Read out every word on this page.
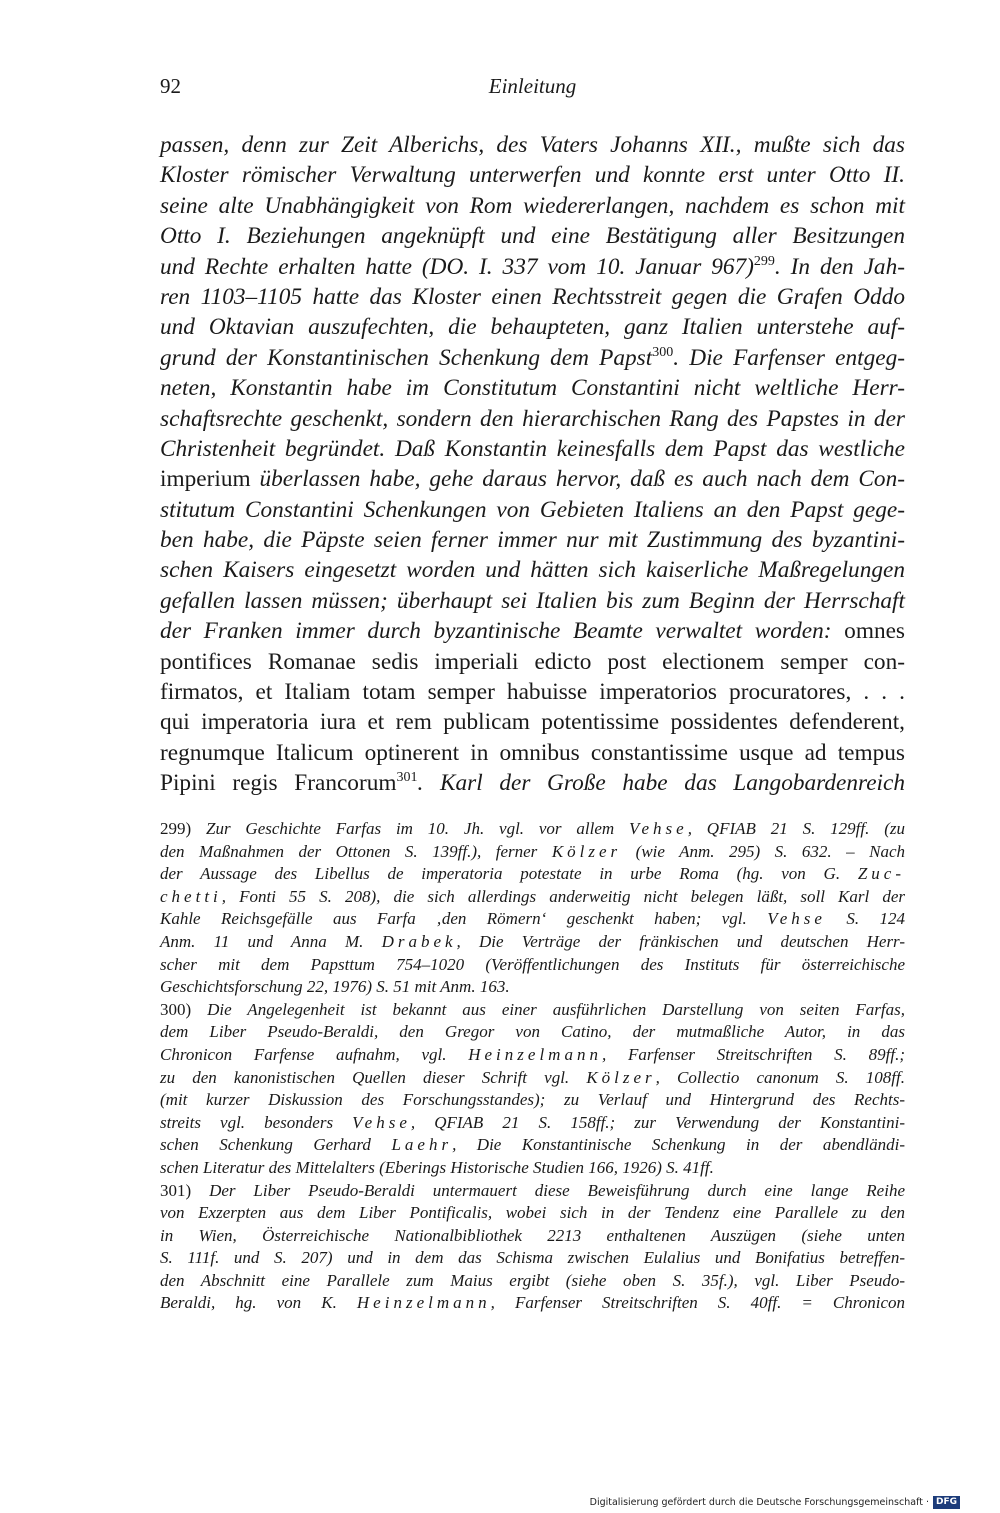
92	Einleitung
passen, denn zur Zeit Alberichs, des Vaters Johanns XII., mußte sich das
Kloster römischer Verwaltung unterwerfen und konnte erst unter Otto II.
seine alte Unabhängigkeit von Rom wiedererlangen, nachdem es schon mit
Otto I. Beziehungen angeknüpft und eine Bestätigung aller Besitzungen
und Rechte erhalten hatte (DO. I. 337 vom 10. Januar 967)$^{299}$. In den Jah-
ren 1103–1105 hatte das Kloster einen Rechtsstreit gegen die Grafen Oddo
und Oktavian auszufechten, die behaupteten, ganz Italien unterstehe auf-
grund der Konstantinischen Schenkung dem Papst$^{300}$. Die Farfenser entgeg-
neten, Konstantin habe im Constitutum Constantini nicht weltliche Herr-
schaftsrechte geschenkt, sondern den hierarchischen Rang des Papstes in der
Christenheit begründet. Daß Konstantin keinesfalls dem Papst das westliche
imperium überlassen habe, gehe daraus hervor, daß es auch nach dem Con-
stitutum Constantini Schenkungen von Gebieten Italiens an den Papst gege-
ben habe, die Päpste seien ferner immer nur mit Zustimmung des byzantini-
schen Kaisers eingesetzt worden und hätten sich kaiserliche Maßregelungen
gefallen lassen müssen; überhaupt sei Italien bis zum Beginn der Herrschaft
der Franken immer durch byzantinische Beamte verwaltet worden: omnes
pontifices Romanae sedis imperiali edicto post electionem semper con-
firmatos, et Italiam totam semper habuisse imperatorios procuratores, . . .
qui imperatoria iura et rem publicam potentissime possidentes defenderent,
regnumque Italicum optinerent in omnibus constantissime usque ad tempus
Pipini regis Francorum$^{301}$. Karl der Große habe das Langobardenreich
299) Zur Geschichte Farfas im 10. Jh. vgl. vor allem Vehse, QFIAB 21 S. 129ff. (zu
den Maßnahmen der Ottonen S. 139ff.), ferner Kölzer (wie Anm. 295) S. 632. – Nach
der Aussage des Libellus de imperatoria potestate in urbe Roma (hg. von G. Zuc-
chetti, Fonti 55 S. 208), die sich allerdings anderweitig nicht belegen läßt, soll Karl der
Kahle Reichsgefälle aus Farfa ‚den Römern‘ geschenkt haben; vgl. Vehse S. 124
Anm. 11 und Anna M. Drabek, Die Verträge der fränkischen und deutschen Herr-
scher mit dem Papsttum 754–1020 (Veröffentlichungen des Instituts für österreichische
Geschichtsforschung 22, 1976) S. 51 mit Anm. 163.
300) Die Angelegenheit ist bekannt aus einer ausführlichen Darstellung von seiten Farfas,
dem Liber Pseudo-Beraldi, den Gregor von Catino, der mutmaßliche Autor, in das
Chronicon Farfense aufnahm, vgl. Heinzelmann, Farfenser Streitschriften S. 89ff.;
zu den kanonistischen Quellen dieser Schrift vgl. Kölzer, Collectio canonum S. 108ff.
(mit kurzer Diskussion des Forschungsstandes); zu Verlauf und Hintergrund des Rechts-
streits vgl. besonders Vehse, QFIAB 21 S. 158ff.; zur Verwendung der Konstantini-
schen Schenkung Gerhard Laehr, Die Konstantinische Schenkung in der abendländi-
schen Literatur des Mittelalters (Eberings Historische Studien 166, 1926) S. 41ff.
301) Der Liber Pseudo-Beraldi untermauert diese Beweisführung durch eine lange Reihe
von Exzerpten aus dem Liber Pontificalis, wobei sich in der Tendenz eine Parallele zu den
in Wien, Österreichische Nationalbibliothek 2213 enthaltenen Auszügen (siehe unten
S. 111f. und S. 207) und in dem das Schisma zwischen Eulalius und Bonifatius betreffen-
den Abschnitt eine Parallele zum Maius ergibt (siehe oben S. 35f.), vgl. Liber Pseudo-
Beraldi, hg. von K. Heinzelmann, Farfenser Streitschriften S. 40ff. = Chronicon
Digitalisierung gefördert durch die Deutsche Forschungsgemeinschaft · DFG
